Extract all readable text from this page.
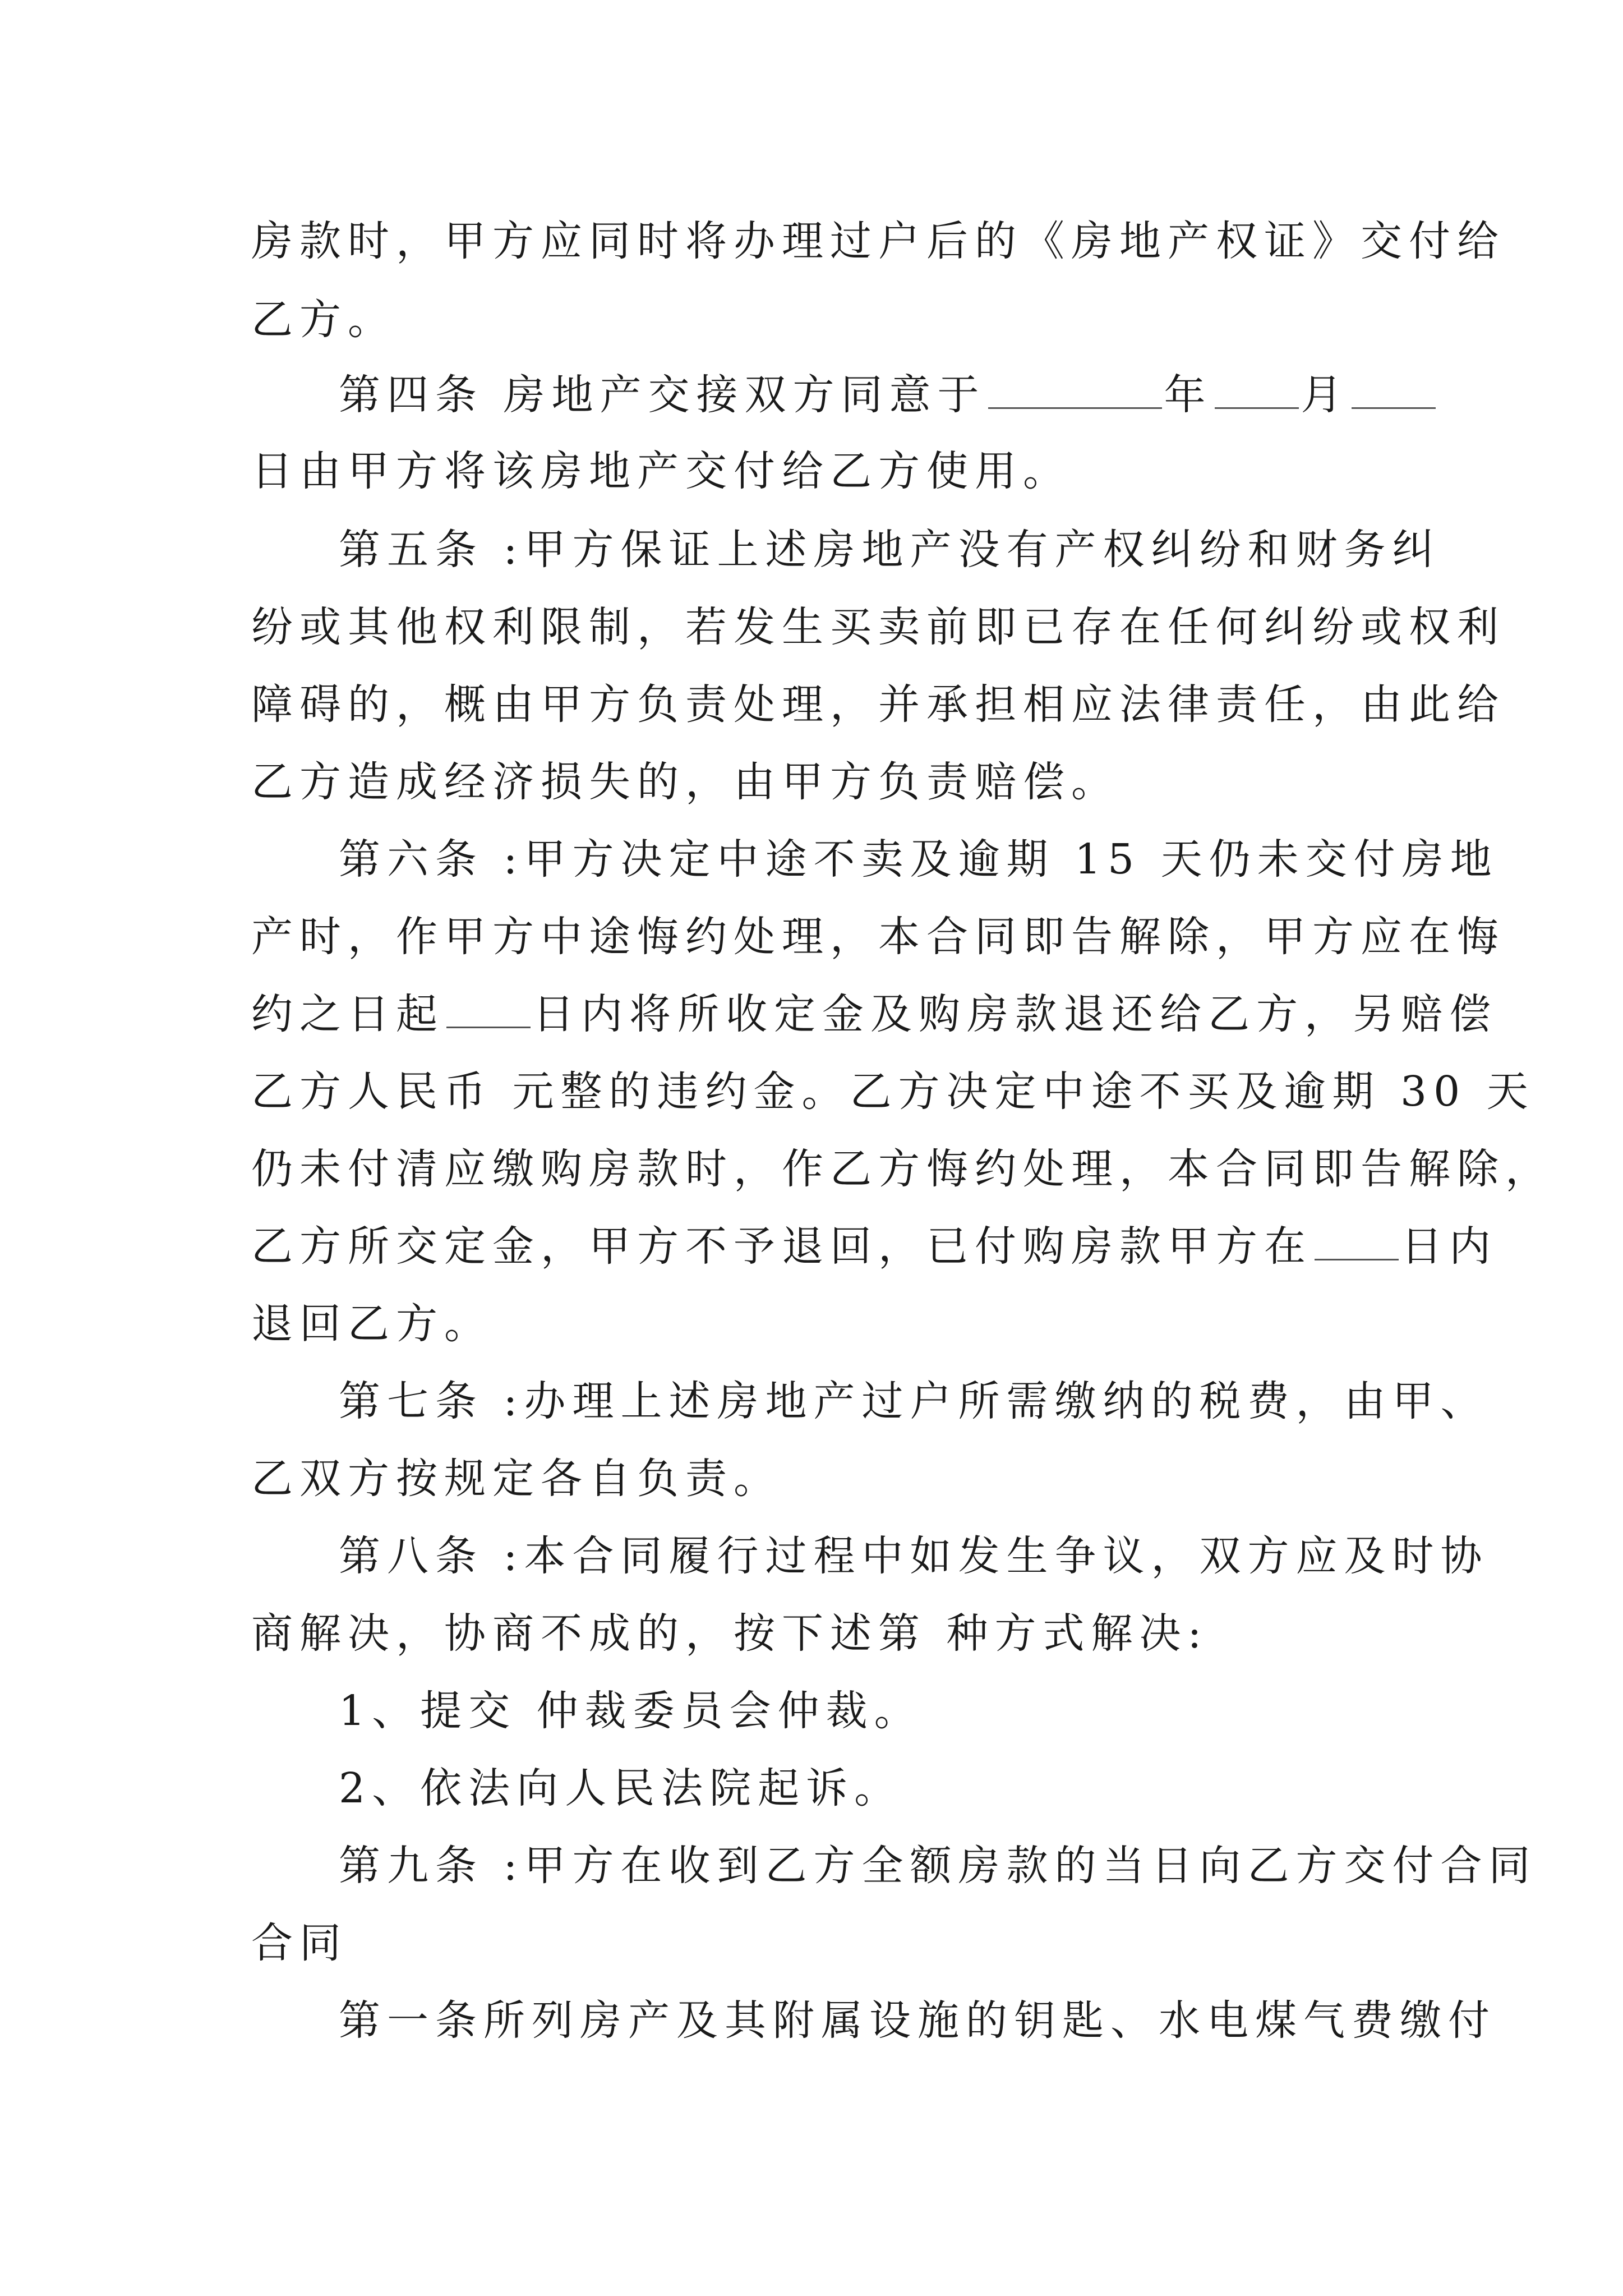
房款时，甲方应同时将办理过户后的《房地产权证》交付给
乙方。
第四条 房地产交接双方同意于	年 月
日由甲方将该房地产交付给乙方使用。
第五条 :甲方保证上述房地产没有产权纠纷和财务纠
纷或其他权利限制，若发生买卖前即已存在任何纠纷或权利
障碍的，概由甲方负责处理，并承担相应法律责任，由此给
乙方造成经济损失的，由甲方负责赔偿。
第六条 :甲方决定中途不卖及逾期 15 天仍未交付房地
产时，作甲方中途悔约处理，本合同即告解除，甲方应在悔
约之日起 日内将所收定金及购房款退还给乙方，另赔偿
乙方人民币 元整的违约金。乙方决定中途不买及逾期 30 天
仍未付清应缴购房款时，作乙方悔约处理，本合同即告解除，
乙方所交定金，甲方不予退回，已付购房款甲方在 日内
退回乙方。
第七条 :办理上述房地产过户所需缴纳的税费，由甲、
乙双方按规定各自负责。
第八条 :本合同履行过程中如发生争议，双方应及时协
商解决，协商不成的，按下述第 种方式解决:
1、提交 仲裁委员会仲裁。
2、依法向人民法院起诉。
第九条 :甲方在收到乙方全额房款的当日向乙方交付合同
合同
第一条所列房产及其附属设施的钥匙、水电煤气费缴付
